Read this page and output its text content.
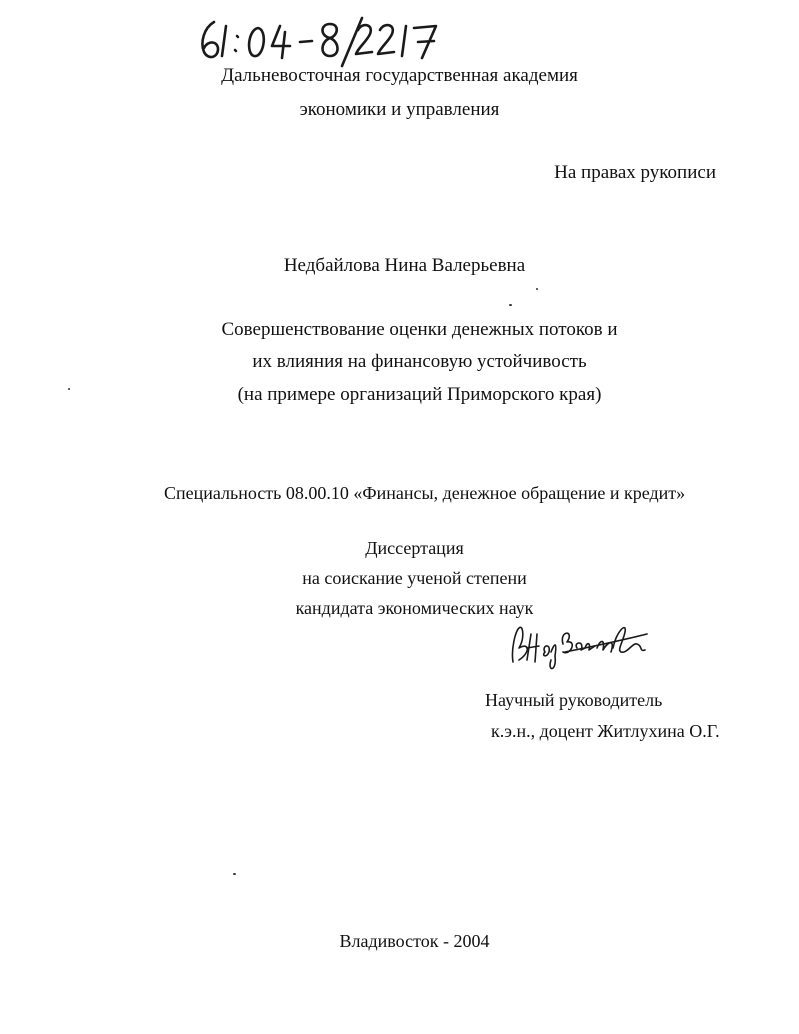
Дальневосточная государственная академия
экономики и управления
На правах рукописи
Недбайлова Нина Валерьевна
Совершенствование оценки денежных потоков и
их влияния на финансовую устойчивость
(на примере организаций Приморского края)
Специальность 08.00.10 «Финансы, денежное обращение и кредит»
Диссертация
на соискание ученой степени
кандидата экономических наук
Научный руководитель
к.э.н., доцент Житлухина О.Г.
Владивосток - 2004
